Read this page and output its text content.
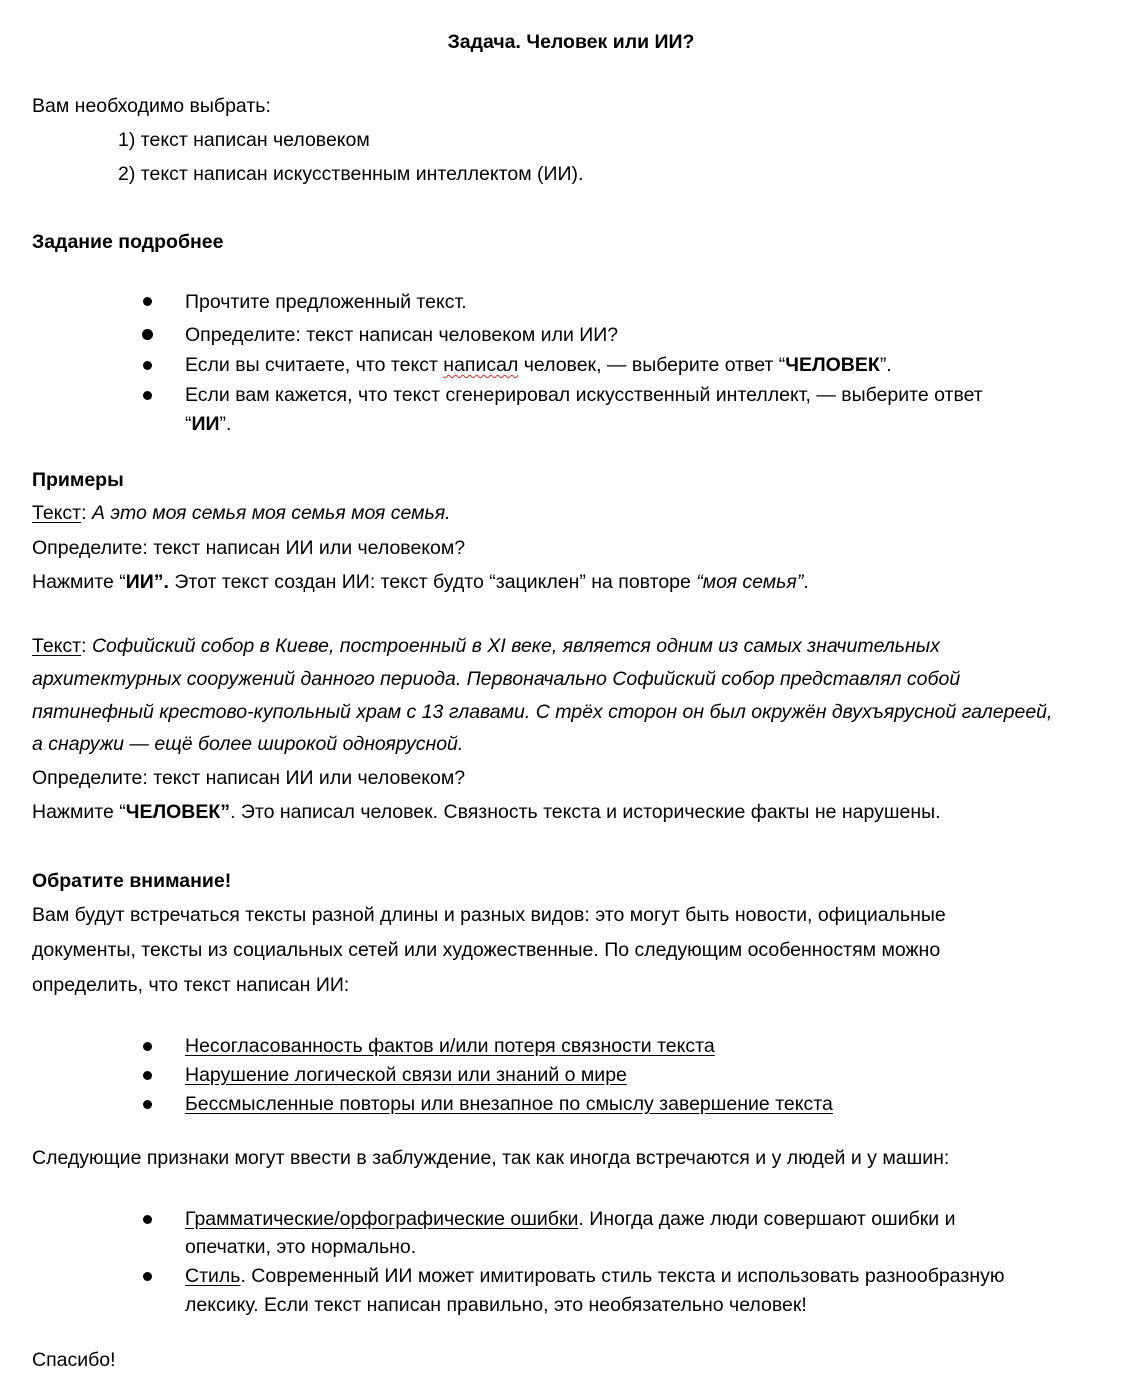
Задача. Человек или ИИ?
Вам необходимо выбрать:
1) текст написан человеком
2) текст написан искусственным интеллектом (ИИ).
Задание подробнее
Прочтите предложенный текст.
Определите: текст написан человеком или ИИ?
Если вы считаете, что текст написал человек, — выберите ответ “ЧЕЛОВЕК”.
Если вам кажется, что текст сгенерировал искусственный интеллект, — выберите ответ
“ИИ”.
Примеры
Текст: А это моя семья моя семья моя семья.
Определите: текст написан ИИ или человеком?
Нажмите “ИИ”. Этот текст создан ИИ: текст будто “зациклен” на повторе “моя семья”.
Текст: Софийский собор в Киеве, построенный в XI веке, является одним из самых значительных
архитектурных сооружений данного периода. Первоначально Софийский собор представлял собой
пятинефный крестово-купольный храм с 13 главами. С трёх сторон он был окружён двухъярусной галереей,
а снаружи — ещё более широкой одноярусной.
Определите: текст написан ИИ или человеком?
Нажмите “ЧЕЛОВЕК”. Это написал человек. Связность текста и исторические факты не нарушены.
Обратите внимание!
Вам будут встречаться тексты разной длины и разных видов: это могут быть новости, официальные
документы, тексты из социальных сетей или художественные. По следующим особенностям можно
определить, что текст написан ИИ:
Несогласованность фактов и/или потеря связности текста
Нарушение логической связи или знаний о мире
Бессмысленные повторы или внезапное по смыслу завершение текста
Следующие признаки могут ввести в заблуждение, так как иногда встречаются и у людей и у машин:
Грамматические/орфографические ошибки. Иногда даже люди совершают ошибки и
опечатки, это нормально.
Стиль. Современный ИИ может имитировать стиль текста и использовать разнообразную
лексику. Если текст написан правильно, это необязательно человек!
Спасибо!
